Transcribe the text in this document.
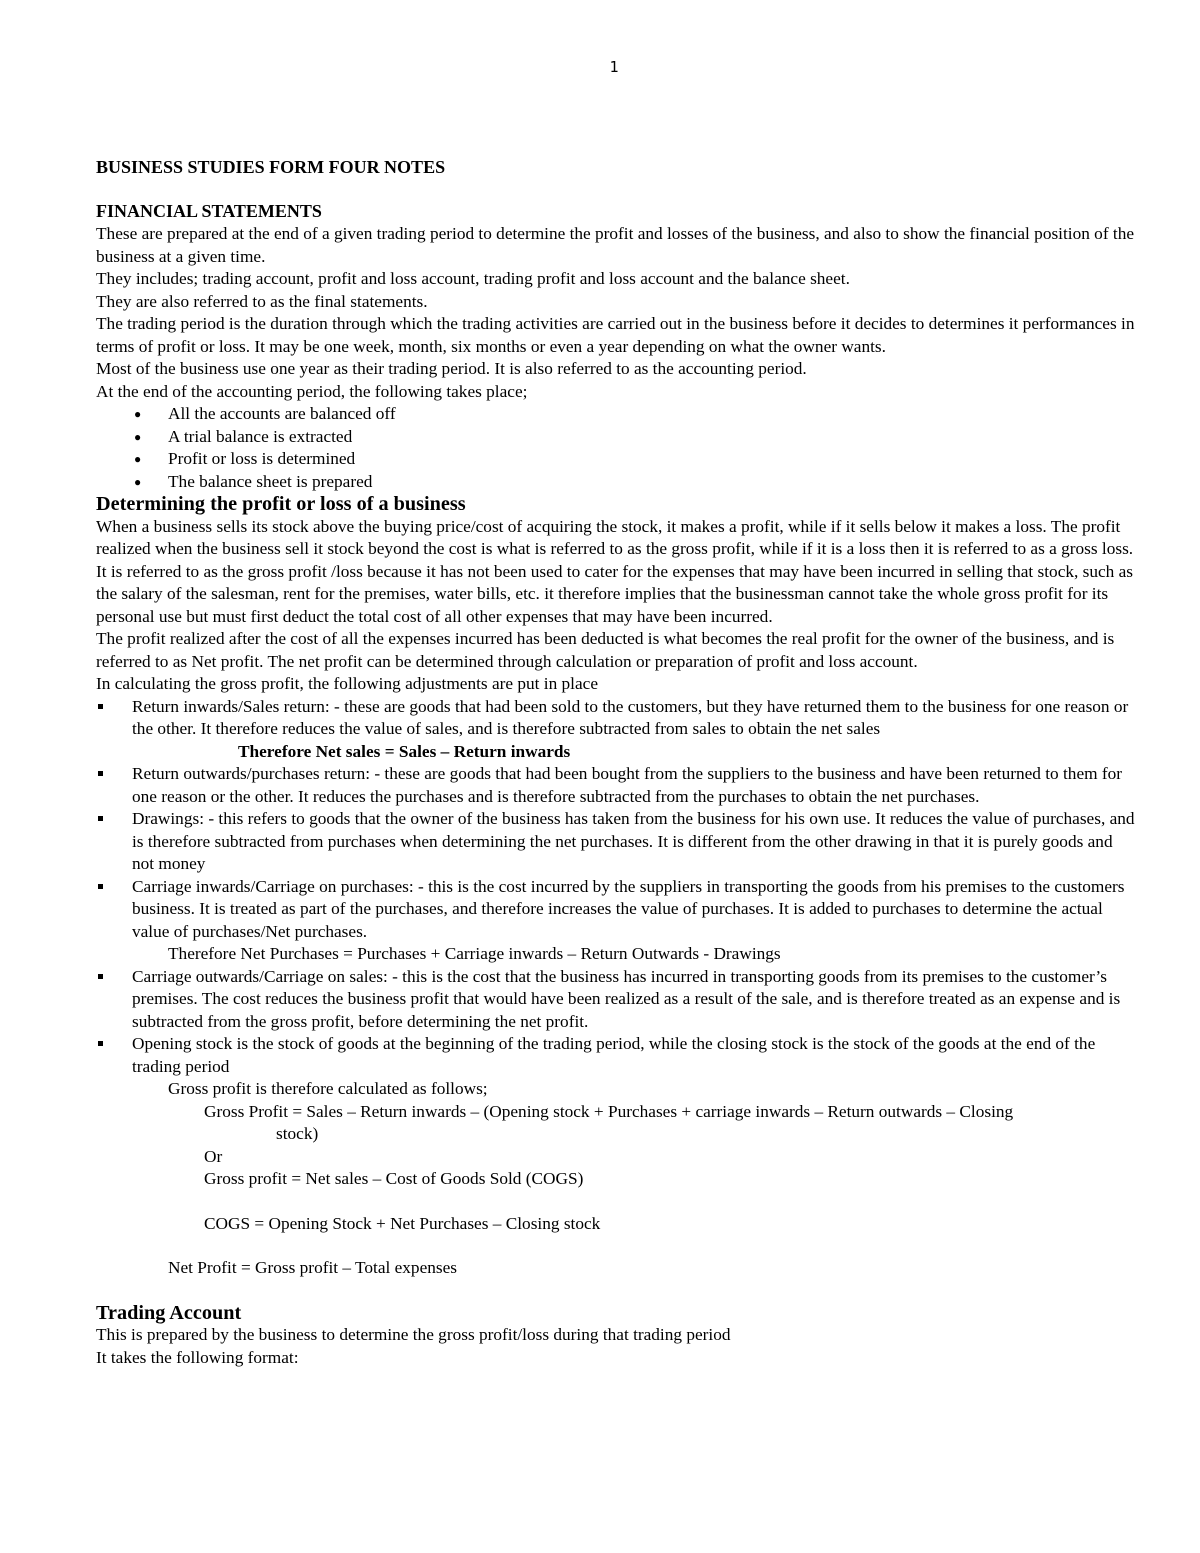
1
BUSINESS STUDIES FORM FOUR NOTES
FINANCIAL STATEMENTS

These are prepared at the end of a given trading period to determine the profit and losses of the business, and also to show the financial position of the business at a given time.

They includes; trading account, profit and loss account, trading profit and loss account and the balance sheet.

They are also referred to as the final statements.

The trading period is the duration through which the trading activities are carried out in the business before it decides to determines it performances in terms of profit or loss. It may be one week, month, six months or even a year depending on what the owner wants.

Most of the business use one year as their trading period. It is also referred to as the accounting period.

At the end of the accounting period, the following takes place;

● All the accounts are balanced off
● A trial balance is extracted
● Profit or loss is determined
● The balance sheet is prepared
Determining the profit or loss of a business

When a business sells its stock above the buying price/cost of acquiring the stock, it makes a profit, while if it sells below it makes a loss. The profit realized when the business sell it stock beyond the cost is what is referred to as the gross profit, while if it is a loss then it is referred to as a gross loss.

It is referred to as the gross profit /loss because it has not been used to cater for the expenses that may have been incurred in selling that stock, such as the salary of the salesman, rent for the premises, water bills, etc. it therefore implies that the businessman cannot take the whole gross profit for its personal use but must first deduct the total cost of all other expenses that may have been incurred.

The profit realized after the cost of all the expenses incurred has been deducted is what becomes the real profit for the owner of the business, and is referred to as Net profit. The net profit can be determined through calculation or preparation of profit and loss account.

In calculating the gross profit, the following adjustments are put in place

Return inwards/Sales return: - these are goods that had been sold to the customers, but they have returned them to the business for one reason or the other. It therefore reduces the value of sales, and is therefore subtracted from sales to obtain the net sales
Therefore Net sales = Sales – Return inwards
Return outwards/purchases return: - these are goods that had been bought from the suppliers to the business and have been returned to them for one reason or the other. It reduces the purchases and is therefore subtracted from the purchases to obtain the net purchases.
Drawings: - this refers to goods that the owner of the business has taken from the business for his own use. It reduces the value of purchases, and is therefore subtracted from purchases when determining the net purchases. It is different from the other drawing in that it is purely goods and not money
Carriage inwards/Carriage on purchases: - this is the cost incurred by the suppliers in transporting the goods from his premises to the customers business. It is treated as part of the purchases, and therefore increases the value of purchases. It is added to purchases to determine the actual value of purchases/Net purchases.
Therefore Net Purchases = Purchases + Carriage inwards – Return Outwards - Drawings
Carriage outwards/Carriage on sales: - this is the cost that the business has incurred in transporting goods from its premises to the customer’s premises. The cost reduces the business profit that would have been realized as a result of the sale, and is therefore treated as an expense and is subtracted from the gross profit, before determining the net profit.
Opening stock is the stock of goods at the beginning of the trading period, while the closing stock is the stock of the goods at the end of the trading period

Gross profit is therefore calculated as follows;

Gross Profit = Sales – Return inwards – (Opening stock + Purchases + carriage inwards – Return outwards – Closing

stock)

Or

Gross profit = Net sales – Cost of Goods Sold (COGS)

COGS = Opening Stock + Net Purchases – Closing stock

Net Profit = Gross profit – Total expenses

Trading Account

This is prepared by the business to determine the gross profit/loss during that trading period

It takes the following format:
